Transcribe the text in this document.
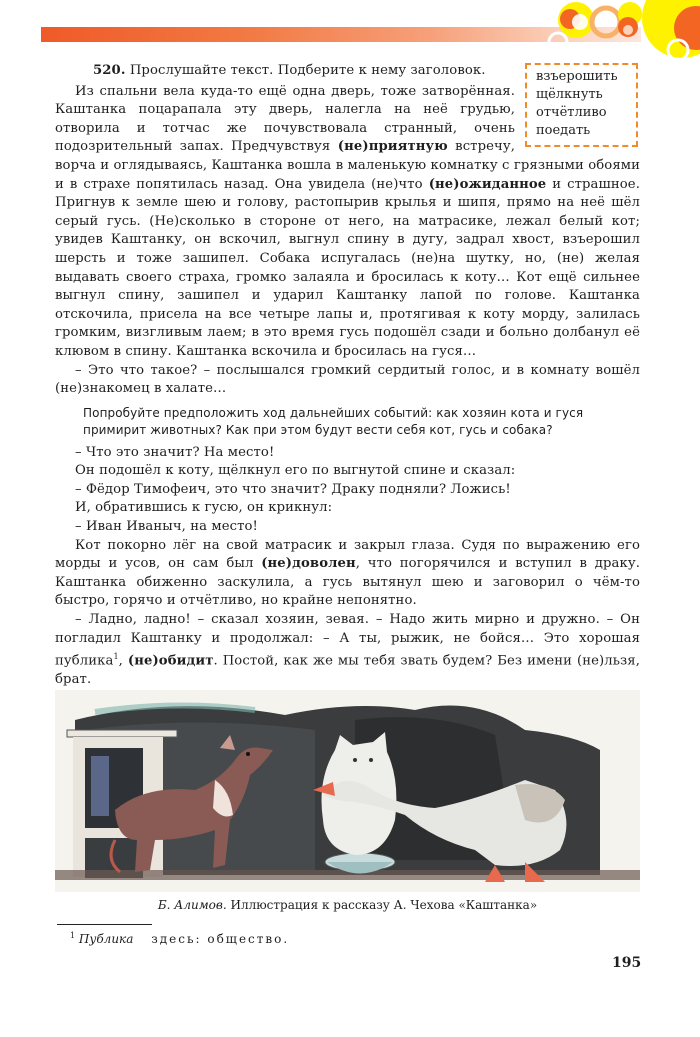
взъерошить
щёлкнуть
отчётливо
поедать
520. Прослушайте текст. Подберите к нему заголовок.

Из спальни вела куда-то ещё одна дверь, тоже затворённая. Каштанка поцарапала эту дверь, налегла на неё грудью, отворила и тотчас же почувствовала странный, очень подозрительный запах. Предчувствуя (не)приятную встречу, ворча и оглядываясь, Каштанка вошла в маленькую комнатку с грязными обоями и в страхе попятилась назад. Она увидела (не)что (не)ожиданное и страшное. Пригнув к земле шею и голову, растопырив крылья и шипя, прямо на неё шёл серый гусь. (Не)сколько в стороне от него, на матрасике, лежал белый кот; увидев Каштанку, он вскочил, выгнул спину в дугу, задрал хвост, взъерошил шерсть и тоже зашипел. Собака испугалась (не)на шутку, но, (не) желая выдавать своего страха, громко залаяла и бросилась к коту… Кот ещё сильнее выгнул спину, зашипел и ударил Каштанку лапой по голове. Каштанка отскочила, присела на все четыре лапы и, протягивая к коту морду, залилась громким, визгливым лаем; в это время гусь подошёл сзади и больно долбанул её клювом в спину. Каштанка вскочила и бросилась на гуся…

– Это что такое? – послышался громкий сердитый голос, и в комнату вошёл (не)знакомец в халате…

Попробуйте предположить ход дальнейших событий: как хозяин кота и гуся примирит животных? Как при этом будут вести себя кот, гусь и собака?

– Что это значит? На место!

Он подошёл к коту, щёлкнул его по выгнутой спине и сказал:

– Фёдор Тимофеич, это что значит? Драку подняли? Ложись!

И, обратившись к гусю, он крикнул:

– Иван Иваныч, на место!

Кот покорно лёг на свой матрасик и закрыл глаза. Судя по выражению его морды и усов, он сам был (не)доволен, что погорячился и вступил в драку. Каштанка обиженно заскулила, а гусь вытянул шею и заговорил о чём-то быстро, горячо и отчётливо, но крайне непонятно.

– Ладно, ладно! – сказал хозяин, зевая. – Надо жить мирно и дружно. – Он погладил Каштанку и продолжал: – А ты, рыжик, не бойся… Это хорошая публика$^1$, (не)обидит. Постой, как же мы тебя звать будем? Без имени (не)льзя, брат.

Б. Алимов. Иллюстрация к рассказу А. Чехова «Каштанка»
$^1$ Публика здесь: общество.
195
